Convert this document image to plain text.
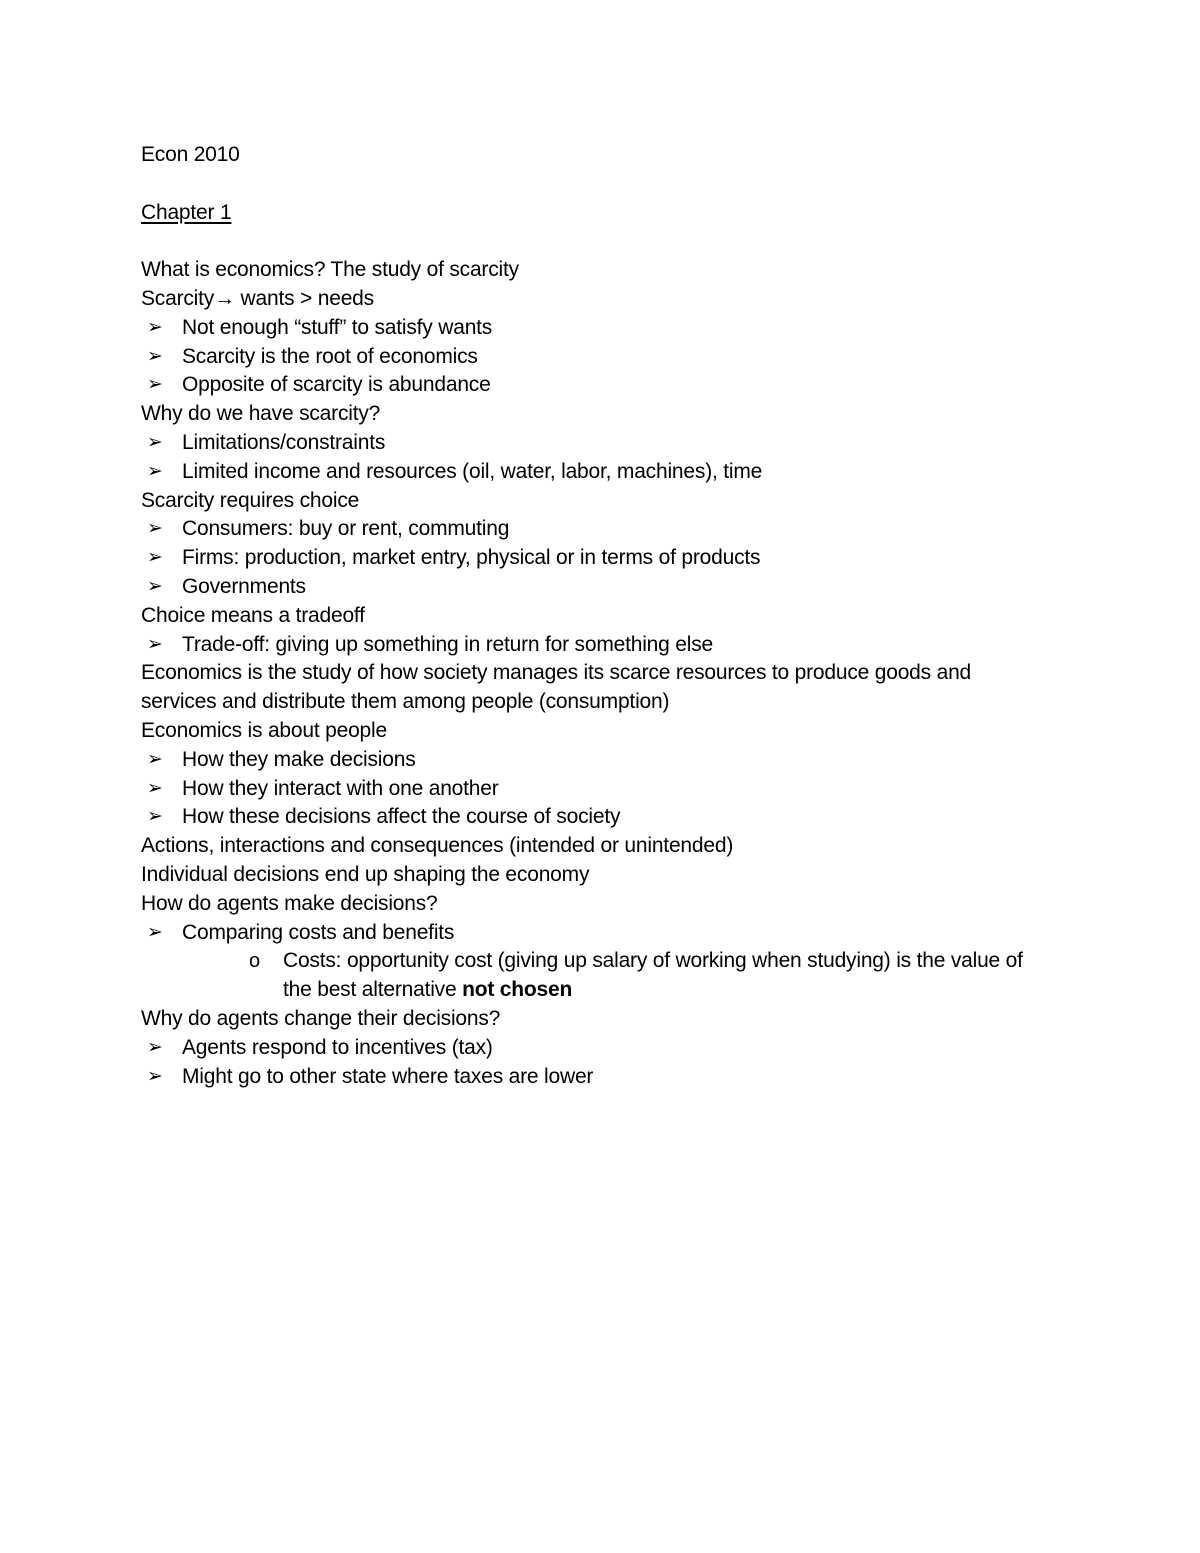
Econ 2010

Chapter 1

What is economics? The study of scarcity

Scarcity→ wants > needs

➢ Not enough “stuff” to satisfy wants
➢ Scarcity is the root of economics
➢ Opposite of scarcity is abundance

Why do we have scarcity?

➢ Limitations/constraints
➢ Limited income and resources (oil, water, labor, machines), time

Scarcity requires choice

➢ Consumers: buy or rent, commuting
➢ Firms: production, market entry, physical or in terms of products
➢ Governments

Choice means a tradeoff

➢ Trade-off: giving up something in return for something else

Economics is the study of how society manages its scarce resources to produce goods and services and distribute them among people (consumption)

Economics is about people

➢ How they make decisions
➢ How they interact with one another
➢ How these decisions affect the course of society

Actions, interactions and consequences (intended or unintended)

Individual decisions end up shaping the economy

How do agents make decisions?

➢ Comparing costs and benefits
o Costs: opportunity cost (giving up salary of working when studying) is the value of the best alternative not chosen

Why do agents change their decisions?

➢ Agents respond to incentives (tax)
➢ Might go to other state where taxes are lower
